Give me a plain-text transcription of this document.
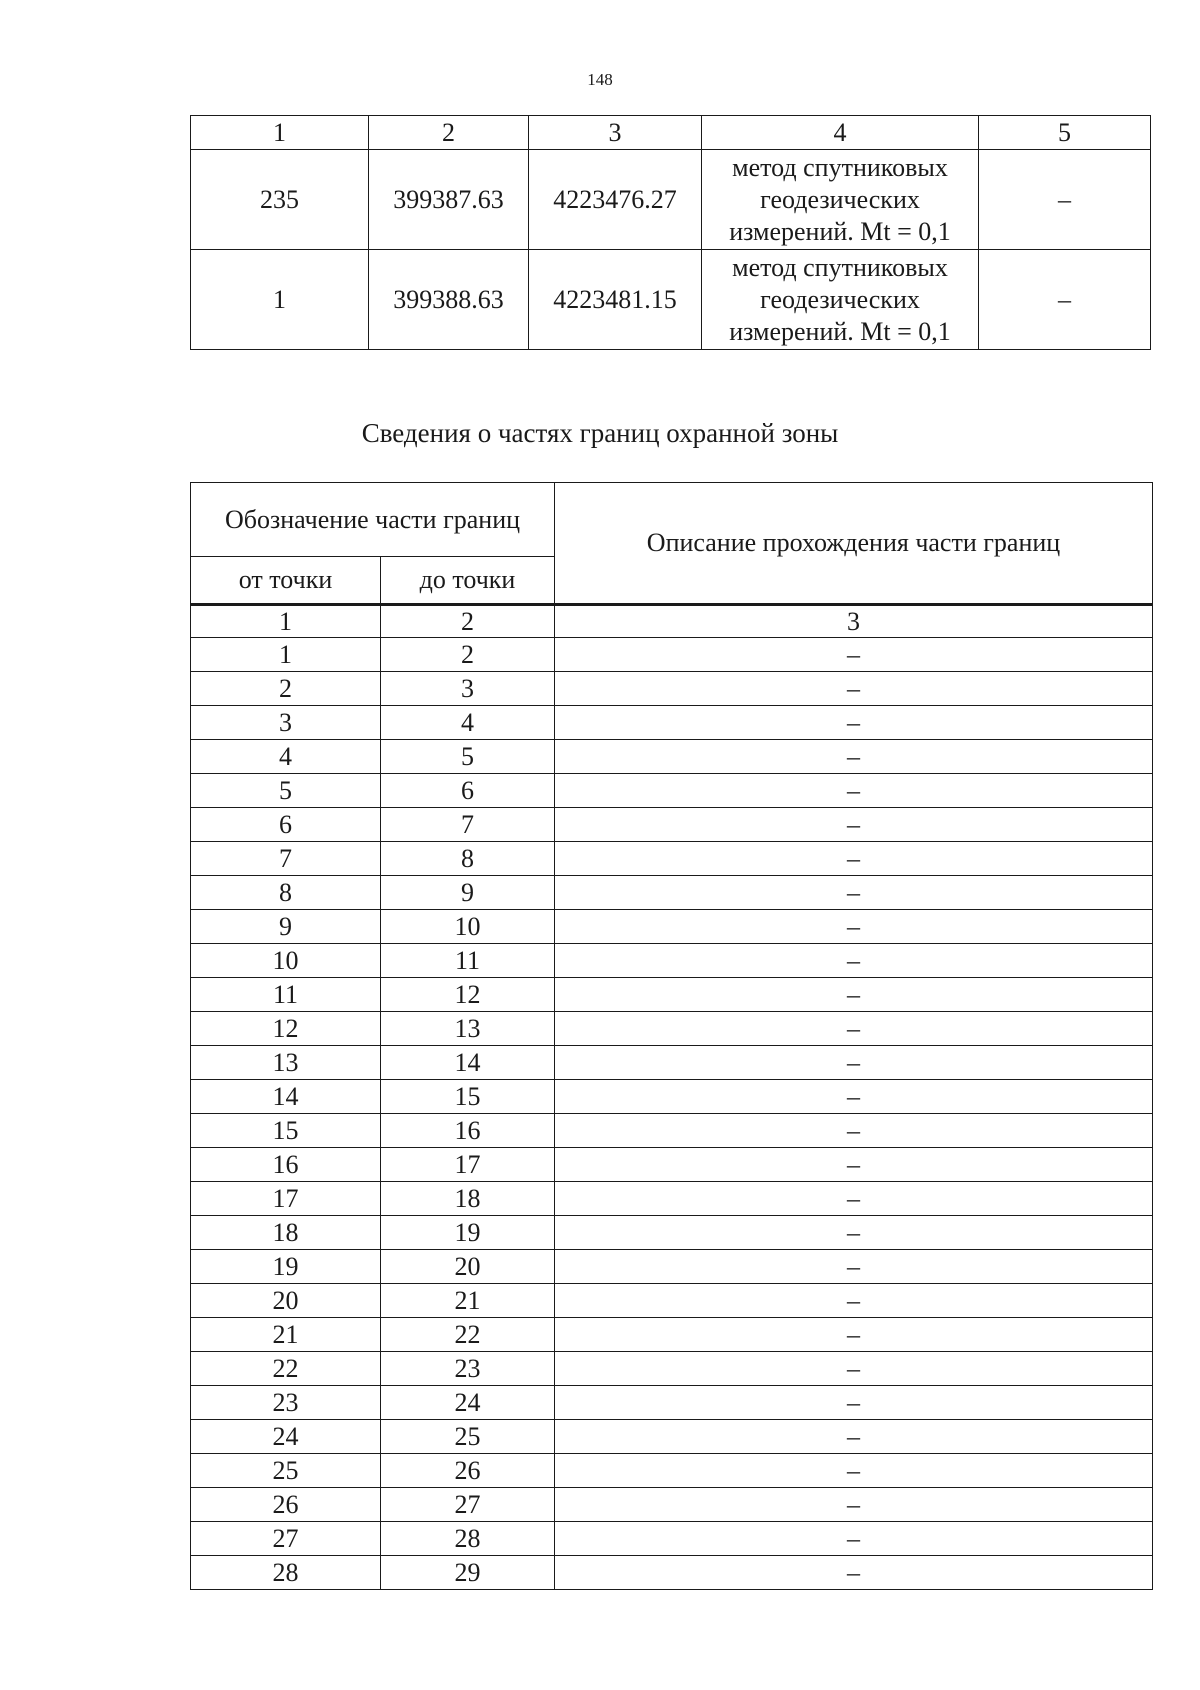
148
1	2	3	4	5
235	399387.63	4223476.27	метод спутниковых
геодезических
измерений. Mt = 0,1	–
1	399388.63	4223481.15	метод спутниковых
геодезических
измерений. Mt = 0,1	–
Сведения о частях границ охранной зоны
Обозначение части границ		Описание прохождения части границ
от точки	до точки	
1	2	3
1	2	–
2	3	–
3	4	–
4	5	–
5	6	–
6	7	–
7	8	–
8	9	–
9	10	–
10	11	–
11	12	–
12	13	–
13	14	–
14	15	–
15	16	–
16	17	–
17	18	–
18	19	–
19	20	–
20	21	–
21	22	–
22	23	–
23	24	–
24	25	–
25	26	–
26	27	–
27	28	–
28	29	–
